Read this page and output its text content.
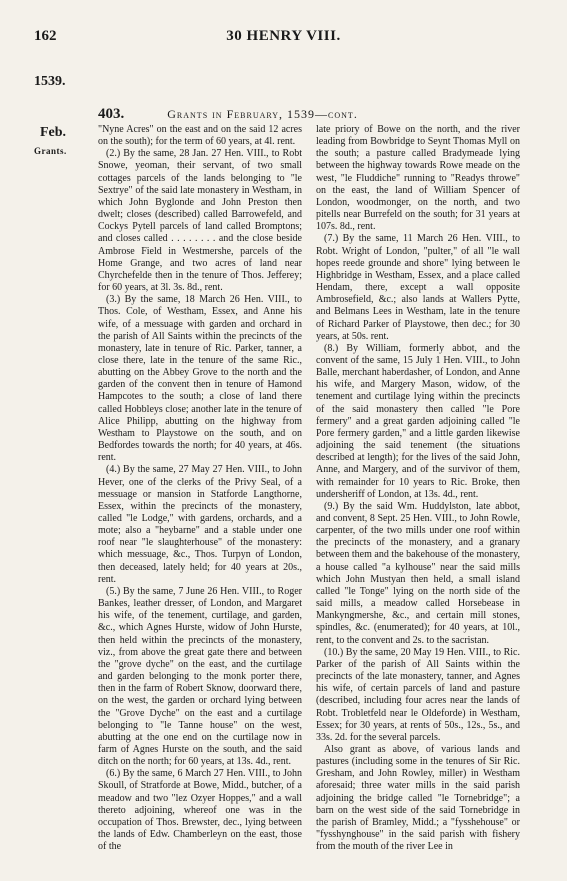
162	30 HENRY VIII.
1539.
Feb.
Grants.
403.	Grants in February, 1539—cont.

"Nyne Acres" on the east and on the said 12 acres on the south); for the term of 60 years, at 4l. rent.

(2.) By the same, 28 Jan. 27 Hen. VIII., to Robt Snowe, yeoman, their servant, of two small cottages parcels of the lands belonging to "le Sextrye" of the said late monastery in Westham, in which John Byglonde and John Preston then dwelt; closes (described) called Barrowefeld, and Cockys Pytell parcels of land called Bromptons; and closes called . . . . . . . . and the close beside Ambrose Field in Westmershe, parcels of the Home Grange, and two acres of land near Chyrchefelde then in the tenure of Thos. Jefferey; for 60 years, at 3l. 3s. 8d., rent.

(3.) By the same, 18 March 26 Hen. VIII., to Thos. Cole, of Westham, Essex, and Anne his wife, of a messuage with garden and orchard in the parish of All Saints within the precincts of the monastery, late in tenure of Ric. Parker, tanner, a close there, late in the tenure of the same Ric., abutting on the Abbey Grove to the north and the garden of the convent then in tenure of Hamond Hampcotes to the south; a close of land there called Hobbleys close; another late in the tenure of Alice Philipp, abutting on the highway from Westham to Playstowe on the south, and on Bedfordes towards the north; for 40 years, at 46s. rent.

(4.) By the same, 27 May 27 Hen. VIII., to John Hever, one of the clerks of the Privy Seal, of a messuage or mansion in Statforde Langthorne, Essex, within the precincts of the monastery, called "le Lodge," with gardens, orchards, and a mote; also a "heybarne" and a stable under one roof near "le slaughterhouse" of the monastery: which messuage, &c., Thos. Turpyn of London, then deceased, lately held; for 40 years at 20s., rent.

(5.) By the same, 7 June 26 Hen. VIII., to Roger Bankes, leather dresser, of London, and Margaret his wife, of the tenement, curtilage, and garden, &c., which Agnes Hurste, widow of John Hurste, then held within the precincts of the monastery, viz., from above the great gate there and between the "grove dyche" on the east, and the curtilage and garden belonging to the monk porter there, then in the farm of Robert Sknow, doorward there, on the west, the garden or orchard lying between the "Grove Dyche" on the east and a curtilage belonging to "le Tanne house" on the west, abutting at the one end on the curtilage now in farm of Agnes Hurste on the south, and the said ditch on the north; for 60 years, at 13s. 4d., rent.

(6.) By the same, 6 March 27 Hen. VIII., to John Skoull, of Stratforde at Bowe, Midd., butcher, of a meadow and two "lez Ozyer Hoppes," and a wall thereto adjoining, whereof one was in the occupation of Thos. Brewster, dec., lying between the lands of Edw. Chamberleyn on the east, those of the

late priory of Bowe on the north, and the river leading from Bowbridge to Seynt Thomas Myll on the south; a pasture called Bradymeade lying between the highway towards Rowe meade on the west, "le Fluddiche" running to "Readys throwe" on the east, the land of William Spencer of London, woodmonger, on the north, and two pitells near Burrefeld on the south; for 31 years at 107s. 8d., rent.

(7.) By the same, 11 March 26 Hen. VIII., to Robt. Wright of London, "pulter," of all "le wall hopes reede grounde and shore" lying between le Highbridge in Westham, Essex, and a place called Hendam, there, except a wall opposite Ambrosefield, &c.; also lands at Wallers Pytte, and Belmans Lees in Westham, late in the tenure of Richard Parker of Playstowe, then dec.; for 30 years, at 50s. rent.

(8.) By William, formerly abbot, and the convent of the same, 15 July 1 Hen. VIII., to John Balle, merchant haberdasher, of London, and Anne his wife, and Margery Mason, widow, of the tenement and curtilage lying within the precincts of the said monastery then called "le Pore fermery" and a great garden adjoining called "le Pore fermery garden," and a little garden likewise adjoining the said tenement (the situations described at length); for the lives of the said John, Anne, and Margery, and of the survivor of them, with remainder for 10 years to Ric. Broke, then undersheriff of London, at 13s. 4d., rent.

(9.) By the said Wm. Huddylston, late abbot, and convent, 8 Sept. 25 Hen. VIII., to John Rowle, carpenter, of the two mills under one roof within the precincts of the monastery, and a granary between them and the bakehouse of the monastery, a house called "a kylhouse" near the said mills which John Mustyan then held, a small island called "le Tonge" lying on the north side of the said mills, a meadow called Horsebease in Mankyngmershe, &c., and certain mill stones, spindles, &c. (enumerated); for 40 years, at 10l., rent, to the convent and 2s. to the sacristan.

(10.) By the same, 20 May 19 Hen. VIII., to Ric. Parker of the parish of All Saints within the precincts of the late monastery, tanner, and Agnes his wife, of certain parcels of land and pasture (described, including four acres near the lands of Robt. Trobletfeld near le Oldeforde) in Westham, Essex; for 30 years, at rents of 50s., 12s., 5s., and 33s. 2d. for the several parcels.

Also grant as above, of various lands and pastures (including some in the tenures of Sir Ric. Gresham, and John Rowley, miller) in Westham aforesaid; three water mills in the said parish adjoining the bridge called "le Tornebridge"; a barn on the west side of the said Tornebridge in the parish of Bramley, Midd.; a "fysshehouse" or "fysshynghouse" in the said parish with fishery from the mouth of the river Lee in
